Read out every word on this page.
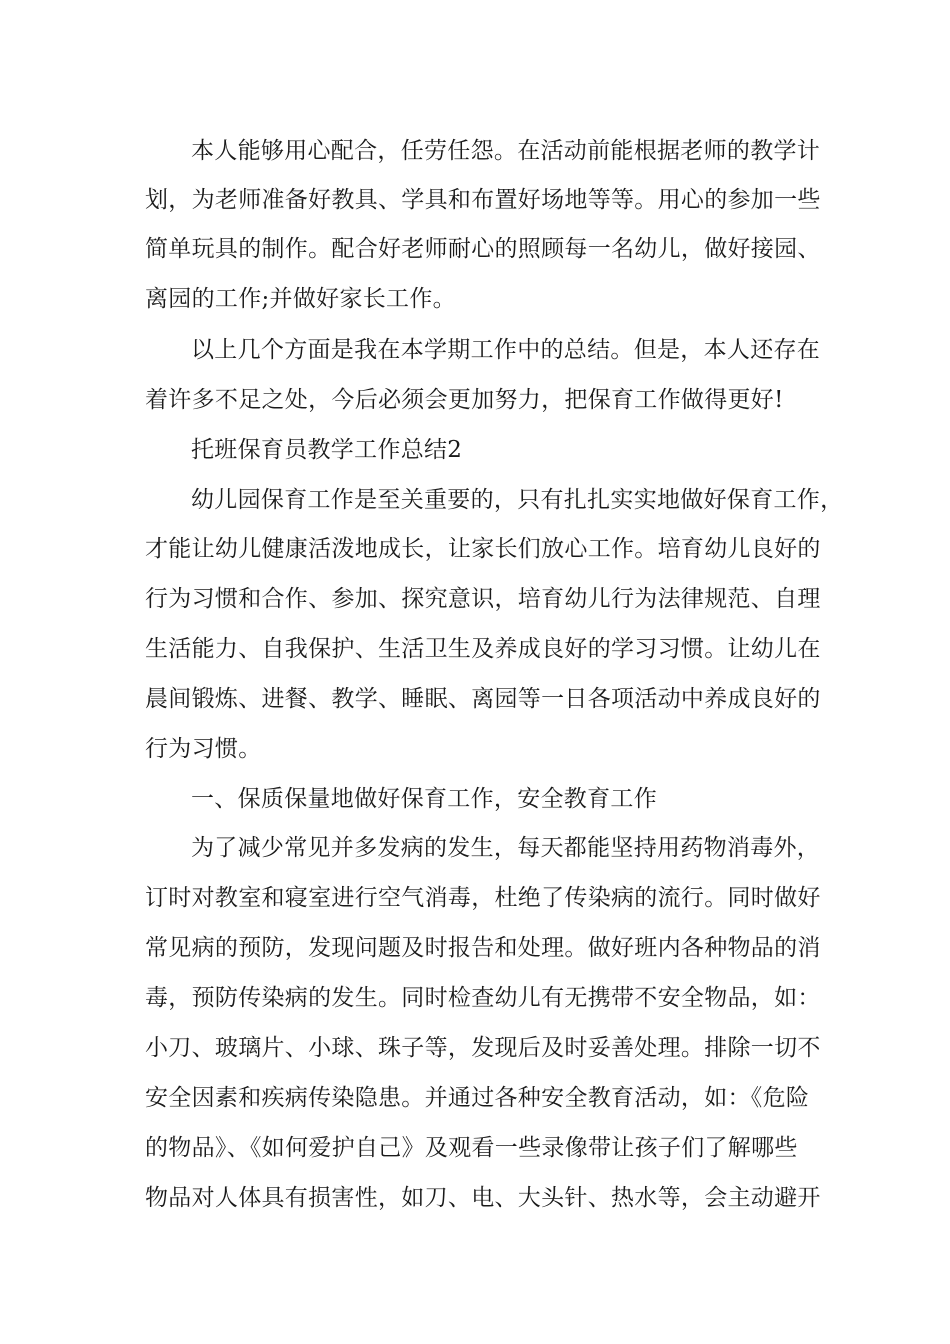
本人能够用心配合，任劳任怨。在活动前能根据老师的教学计
划，为老师准备好教具、学具和布置好场地等等。用心的参加一些
简单玩具的制作。配合好老师耐心的照顾每一名幼儿，做好接园、
离园的工作;并做好家长工作。
以上几个方面是我在本学期工作中的总结。但是，本人还存在
着许多不足之处，今后必须会更加努力，把保育工作做得更好!
托班保育员教学工作总结2
幼儿园保育工作是至关重要的，只有扎扎实实地做好保育工作，
才能让幼儿健康活泼地成长，让家长们放心工作。培育幼儿良好的
行为习惯和合作、参加、探究意识，培育幼儿行为法律规范、自理
生活能力、自我保护、生活卫生及养成良好的学习习惯。让幼儿在
晨间锻炼、进餐、教学、睡眠、离园等一日各项活动中养成良好的
行为习惯。
一、保质保量地做好保育工作，安全教育工作
为了减少常见并多发病的发生，每天都能坚持用药物消毒外，
订时对教室和寝室进行空气消毒，杜绝了传染病的流行。同时做好
常见病的预防，发现问题及时报告和处理。做好班内各种物品的消
毒，预防传染病的发生。同时检查幼儿有无携带不安全物品，如：
小刀、玻璃片、小球、珠子等，发现后及时妥善处理。排除一切不
安全因素和疾病传染隐患。并通过各种安全教育活动，如：《危险
的物品》、《如何爱护自己》及观看一些录像带让孩子们了解哪些
物品对人体具有损害性，如刀、电、大头针、热水等，会主动避开
